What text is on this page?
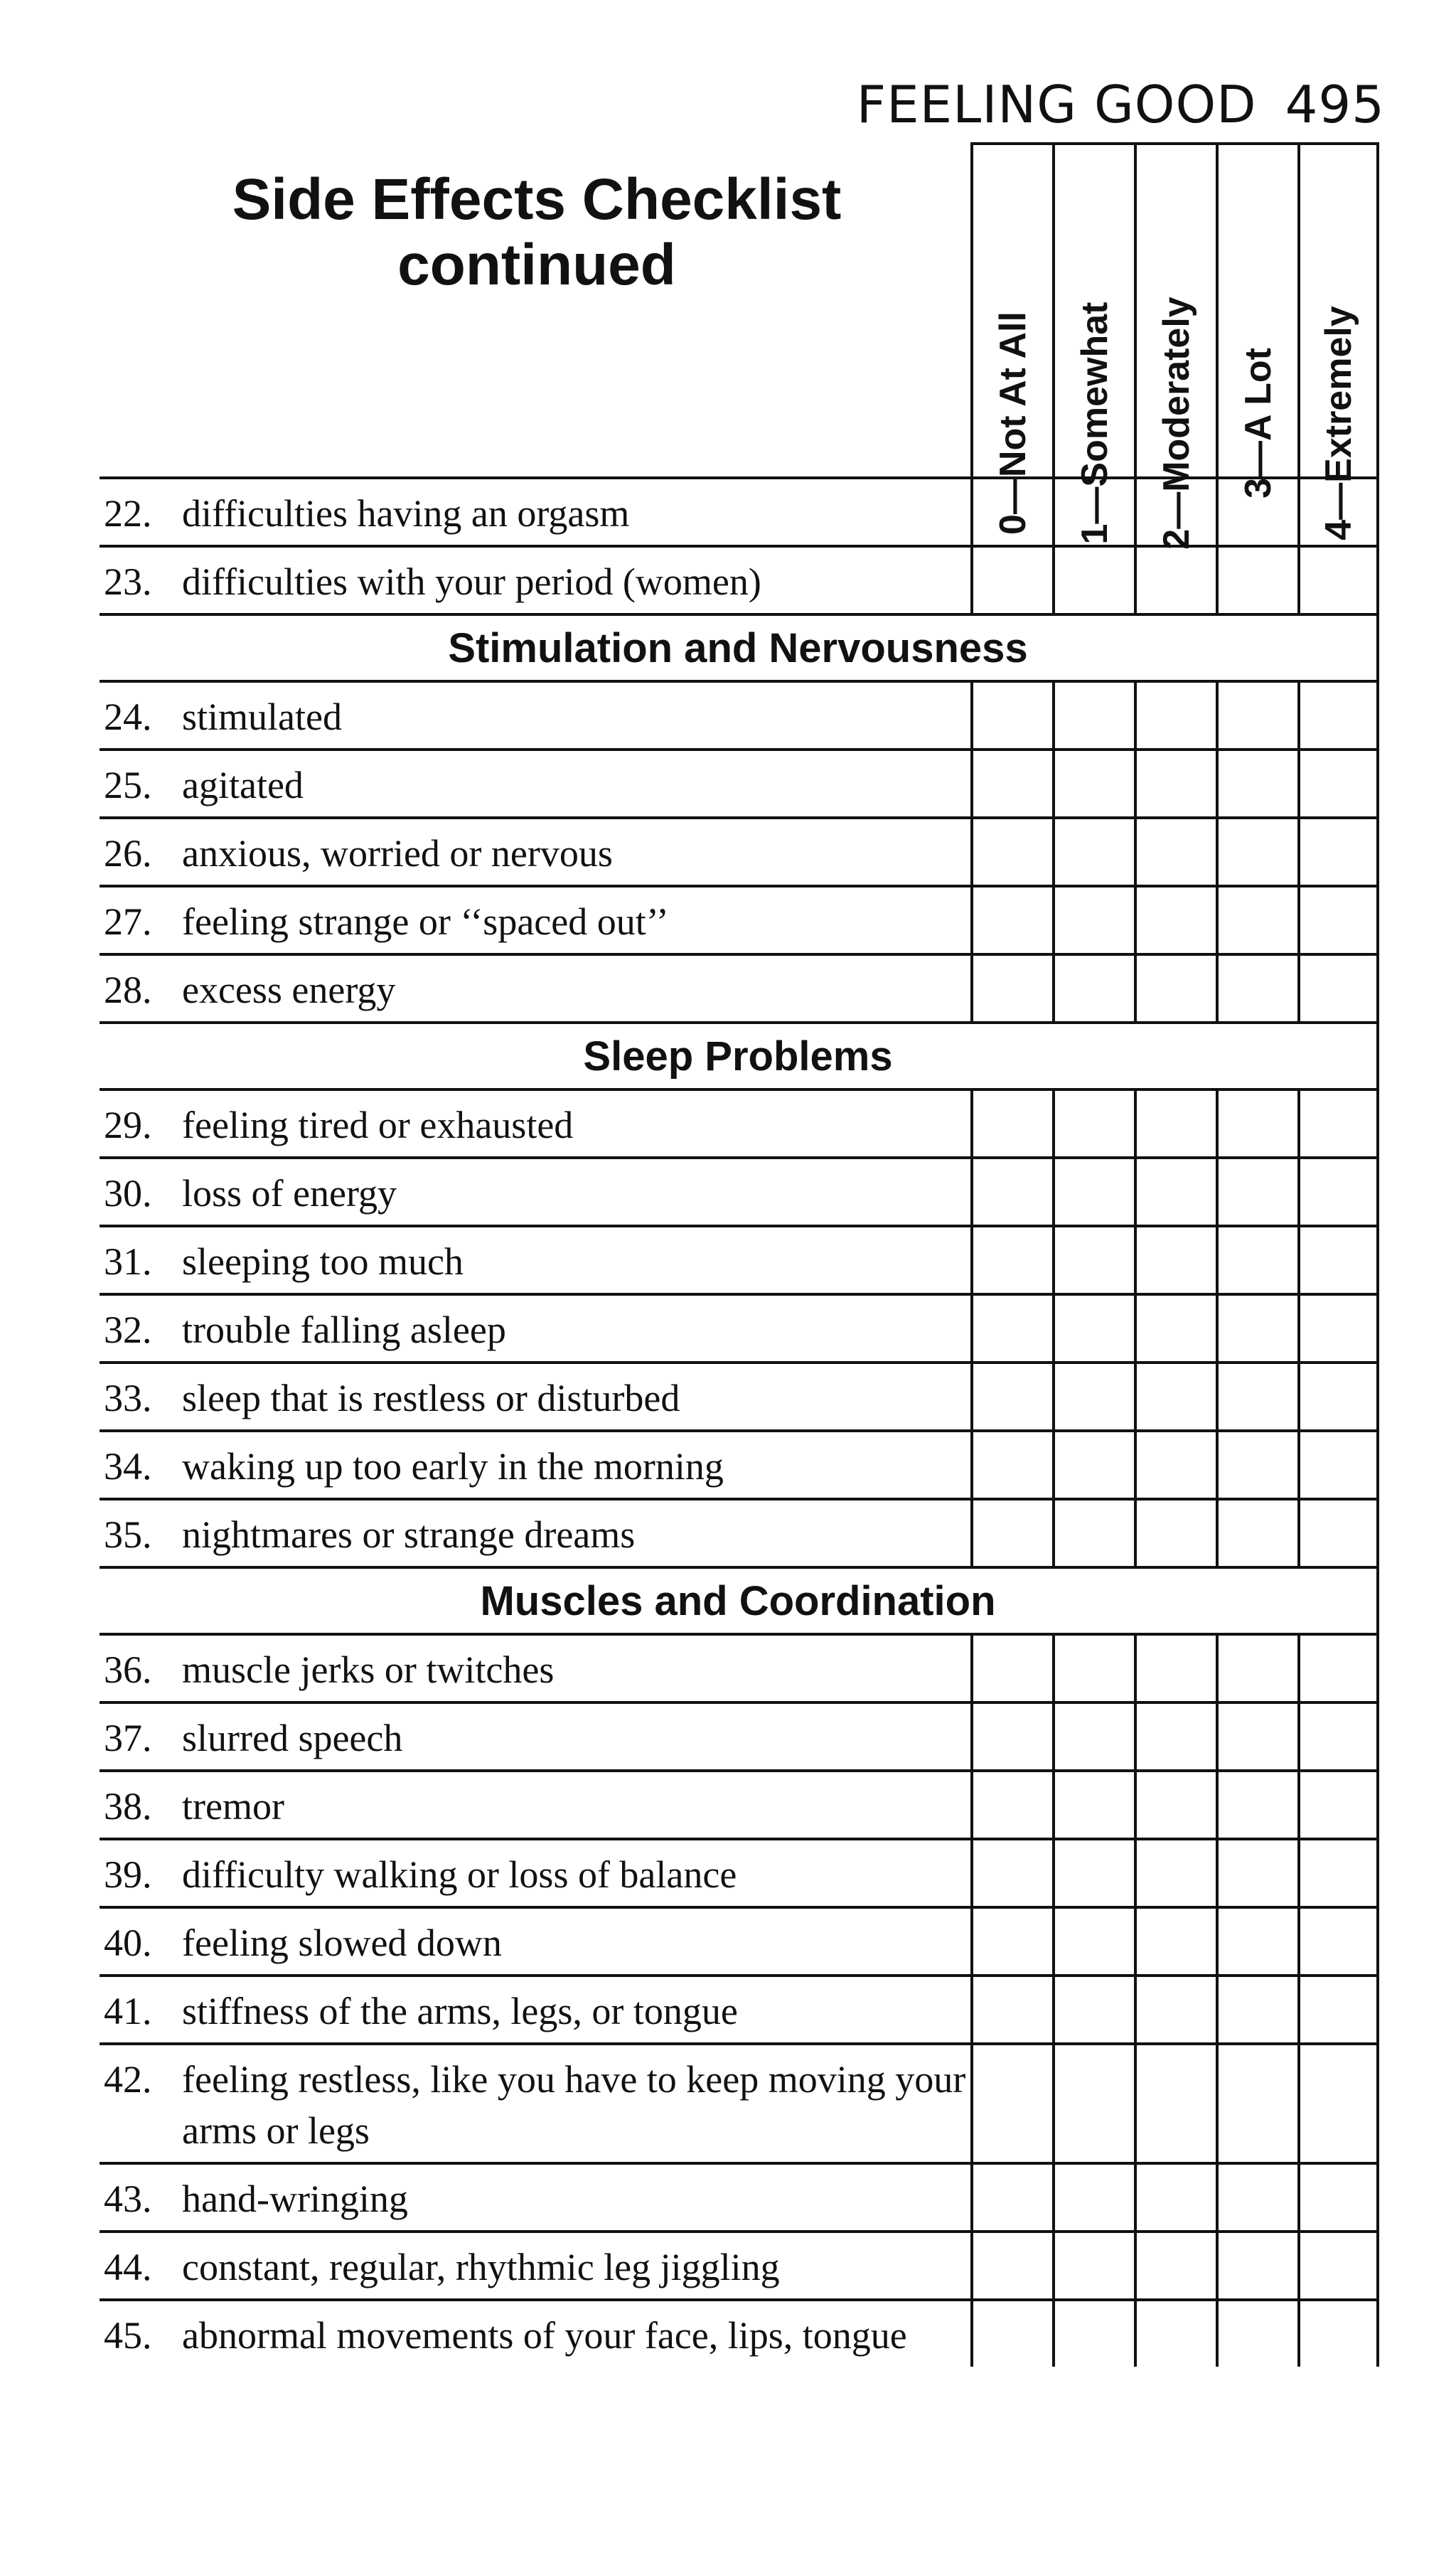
FEELING GOOD 495
Side Effects Checklist
continued
0—Not At All 1—Somewhat 2—Moderately 3—A Lot 4—Extremely
22. difficulties having an orgasm
23. difficulties with your period (women)
Stimulation and Nervousness
24. stimulated
25. agitated
26. anxious, worried or nervous
27. feeling strange or ‘‘spaced out’’
28. excess energy
Sleep Problems
29. feeling tired or exhausted
30. loss of energy
31. sleeping too much
32. trouble falling asleep
33. sleep that is restless or disturbed
34. waking up too early in the morning
35. nightmares or strange dreams
Muscles and Coordination
36. muscle jerks or twitches
37. slurred speech
38. tremor
39. difficulty walking or loss of balance
40. feeling slowed down
41. stiffness of the arms, legs, or tongue
42. feeling restless, like you have to keep moving your arms or legs
43. hand-wringing
44. constant, regular, rhythmic leg jiggling
45. abnormal movements of your face, lips, tongue
